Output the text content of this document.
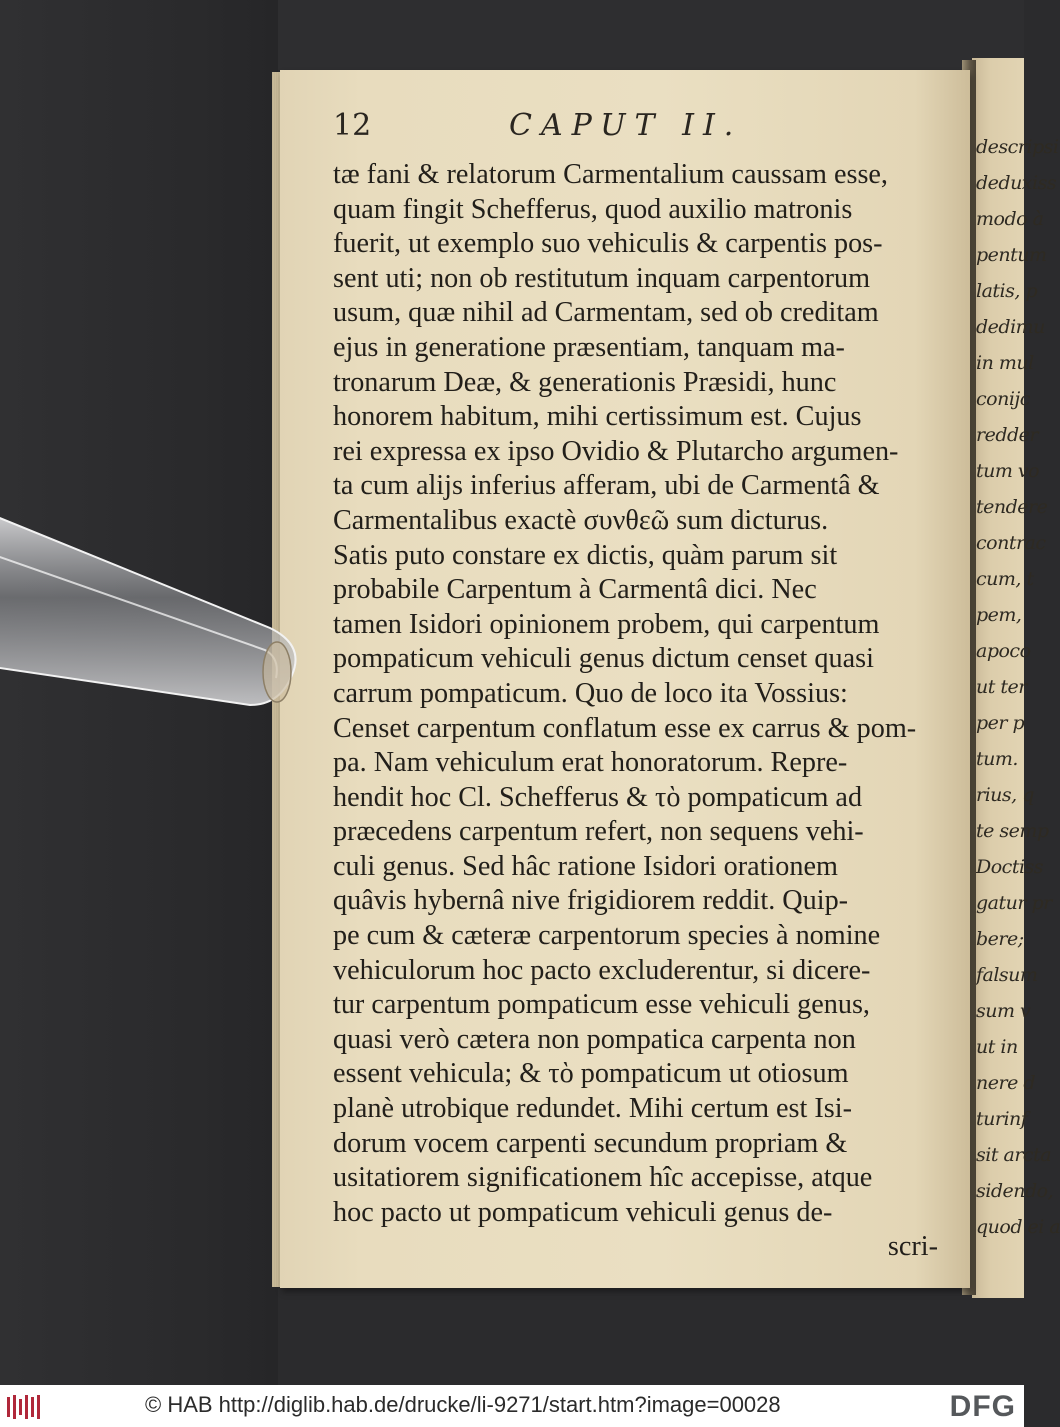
descripsi
deduxiss
modo à
pentum
latis, p
dedimu
in mul
conijc
redder
tum vo
tendere
contrac
cum, t
pem,
apoco
ut ter
per p
tum.
rius, q
te semp
Doctiss
gatur pr
bere;
falsum
sum v
ut in
nere d
turinf
sit arcta
sidendo,
quod ei a
12	CAPUT II.
tæ fani & relatorum Carmentalium caussam esse,
quam fingit Schefferus, quod auxilio matronis
fuerit, ut exemplo suo vehiculis & carpentis pos-
sent uti; non ob restitutum inquam carpentorum
usum, quæ nihil ad Carmentam, sed ob creditam
ejus in generatione præsentiam, tanquam ma-
tronarum Deæ, & generationis Præsidi, hunc
honorem habitum, mihi certissimum est. Cujus
rei expressa ex ipso Ovidio & Plutarcho argumen-
ta cum alijs inferius afferam, ubi de Carmentâ &
Carmentalibus exactè συνθεῶ sum dicturus.
Satis puto constare ex dictis, quàm parum sit
probabile Carpentum à Carmentâ dici. Nec
tamen Isidori opinionem probem, qui carpentum
pompaticum vehiculi genus dictum censet quasi
carrum pompaticum. Quo de loco ita Vossius:
Censet carpentum conflatum esse ex carrus & pom-
pa. Nam vehiculum erat honoratorum. Repre-
hendit hoc Cl. Schefferus & τὸ pompaticum ad
præcedens carpentum refert, non sequens vehi-
culi genus. Sed hâc ratione Isidori orationem
quâvis hybernâ nive frigidiorem reddit. Quip-
pe cum & cæteræ carpentorum species à nomine
vehiculorum hoc pacto excluderentur, si dicere-
tur carpentum pompaticum esse vehiculi genus,
quasi verò cætera non pompatica carpenta non
essent vehicula; & τὸ pompaticum ut otiosum
planè utrobique redundet. Mihi certum est Isi-
dorum vocem carpenti secundum propriam &
usitatiorem significationem hîc accepisse, atque
hoc pacto ut pompaticum vehiculi genus de-
scri-
© HAB http://diglib.hab.de/drucke/li-9271/start.htm?image=00028	DFG
